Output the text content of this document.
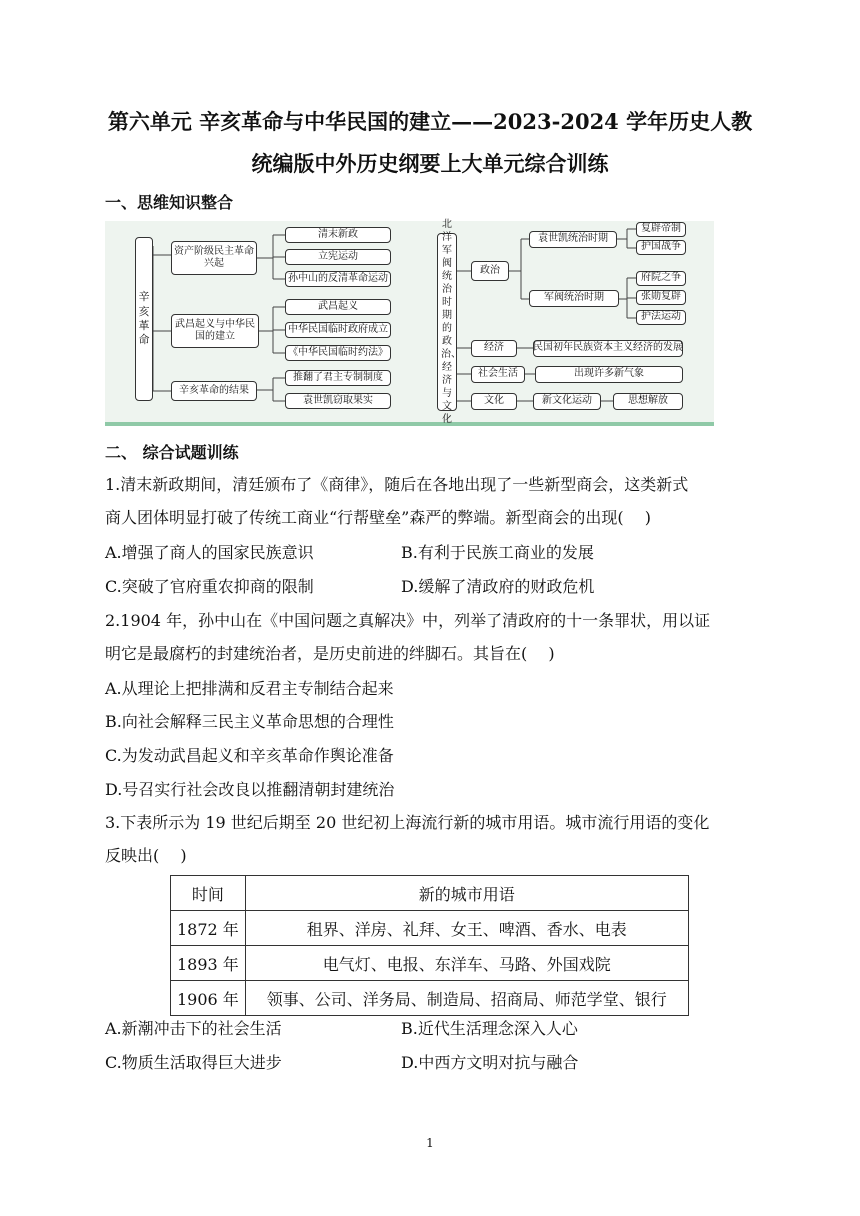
第六单元 辛亥革命与中华民国的建立——2023-2024 学年历史人教
统编版中外历史纲要上大单元综合训练
一、思维知识整合
辛亥革命
资产阶级民主革命兴起
武昌起义与中华民国的建立
辛亥革命的结果
清末新政
立宪运动
孙中山的反清革命运动
武昌起义
中华民国临时政府成立
《中华民国临时约法》
推翻了君主专制制度
袁世凯窃取果实
北洋军阀统治时期的政治、经济与文化
政治
袁世凯统治时期
军阀统治时期
复辟帝制
护国战争
府院之争
张勋复辟
护法运动
经济	民国初年民族资本主义经济的发展
社会生活	出现许多新气象
文化	新文化运动	思想解放
二、 综合试题训练
1.清末新政期间，清廷颁布了《商律》，随后在各地出现了一些新型商会，这类新式
商人团体明显打破了传统工商业“行帮壁垒”森严的弊端。新型商会的出现(　 )
A.增强了商人的国家民族意识	B.有利于民族工商业的发展
C.突破了官府重农抑商的限制	D.缓解了清政府的财政危机
2.1904 年，孙中山在《中国问题之真解决》中，列举了清政府的十一条罪状，用以证
明它是最腐朽的封建统治者，是历史前进的绊脚石。其旨在(　 )
A.从理论上把排满和反君主专制结合起来
B.向社会解释三民主义革命思想的合理性
C.为发动武昌起义和辛亥革命作舆论准备
D.号召实行社会改良以推翻清朝封建统治
3.下表所示为 19 世纪后期至 20 世纪初上海流行新的城市用语。城市流行用语的变化
反映出(　 )
时间	新的城市用语
1872 年	租界、洋房、礼拜、女王、啤酒、香水、电表
1893 年	电气灯、电报、东洋车、马路、外国戏院
1906 年	领事、公司、洋务局、制造局、招商局、师范学堂、银行
A.新潮冲击下的社会生活	B.近代生活理念深入人心
C.物质生活取得巨大进步	D.中西方文明对抗与融合
1
